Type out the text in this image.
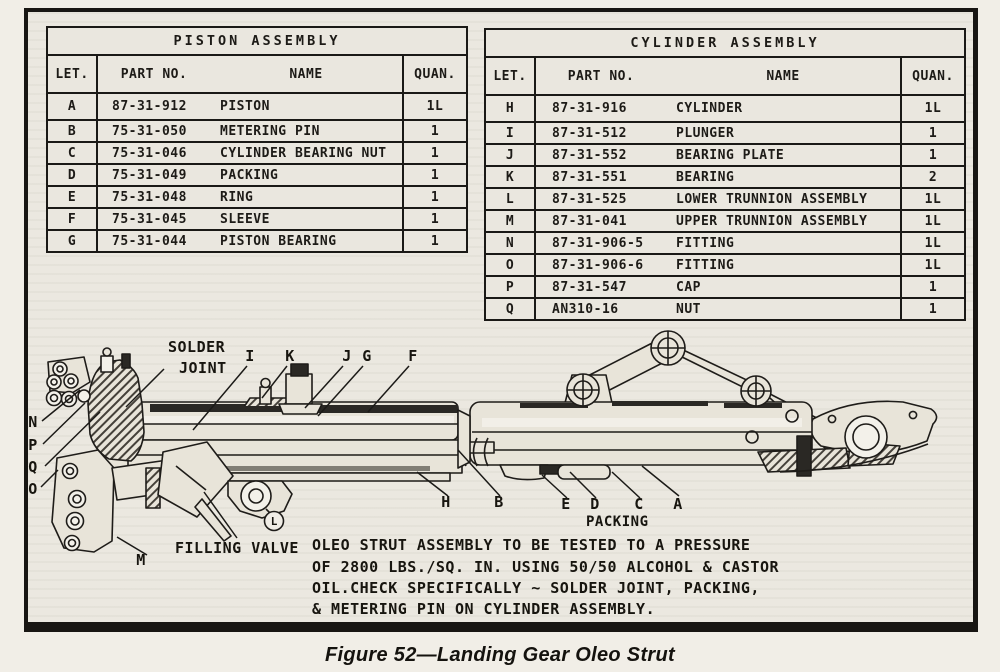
PISTON ASSEMBLY
LET.	PART NO.	NAME	QUAN.
A	87-31-912	PISTON	1L
B	75-31-050	METERING PIN	1
C	75-31-046	CYLINDER BEARING NUT	1
D	75-31-049	PACKING	1
E	75-31-048	RING	1
F	75-31-045	SLEEVE	1
G	75-31-044	PISTON BEARING	1
CYLINDER ASSEMBLY
LET.	PART NO.	NAME	QUAN.
H	87-31-916	CYLINDER	1L
I	87-31-512	PLUNGER	1
J	87-31-552	BEARING PLATE	1
K	87-31-551	BEARING	2
L	87-31-525	LOWER TRUNNION ASSEMBLY	1L
M	87-31-041	UPPER TRUNNION ASSEMBLY	1L
N	87-31-906-5	FITTING	1L
O	87-31-906-6	FITTING	1L
P	87-31-547	CAP	1
Q	AN310-16	NUT	1
SOLDER
JOINT
I K	J G F
N
P
Q
O
M
L
H	B	E D C A
PACKING
FILLING VALVE OLEO STRUT ASSEMBLY TO BE TESTED TO A PRESSURE
OF 2800 LBS./SQ. IN. USING 50/50 ALCOHOL & CASTOR
OIL.CHECK SPECIFICALLY ~ SOLDER JOINT, PACKING,
& METERING PIN ON CYLINDER ASSEMBLY.
Figure 52—Landing Gear Oleo Strut
